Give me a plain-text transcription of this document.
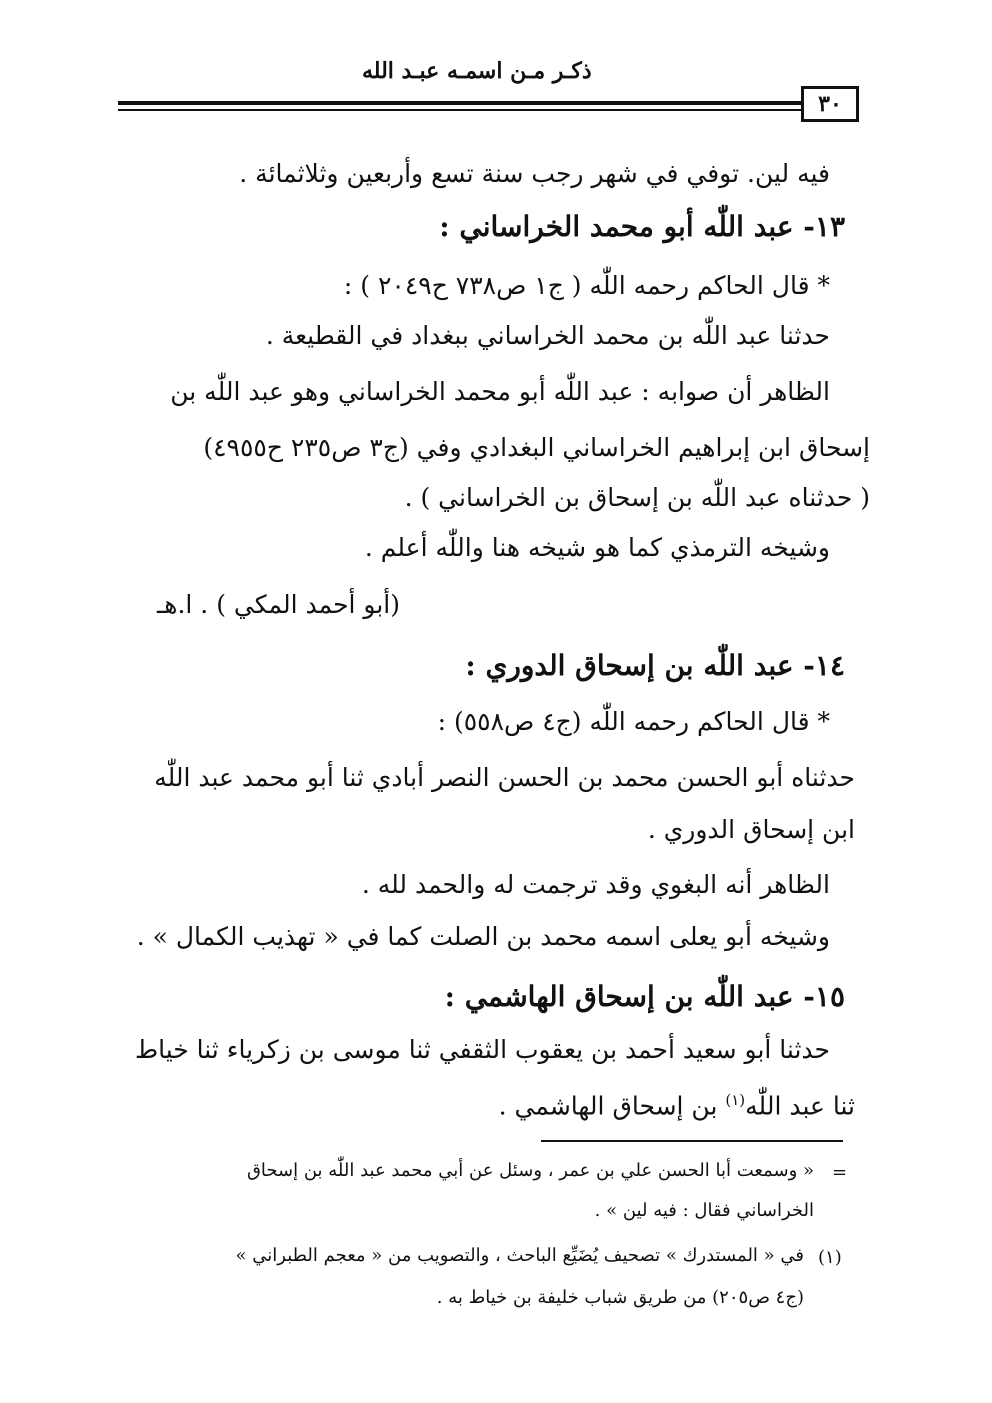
ذكـر مـن اسمـه عبـد الله
٣٠
فيه لين. توفي في شهر رجب سنة تسع وأربعين وثلاثمائة .
١٣- عبد اللّٰه أبو محمد الخراساني :
* قال الحاكم رحمه اللّٰه ( ج١ ص٧٣٨ ح٢٠٤٩ ) :
حدثنا عبد اللّٰه بن محمد الخراساني ببغداد في القطيعة .
الظاهر أن صوابه : عبد اللّٰه أبو محمد الخراساني وهو عبد اللّٰه بن
إسحاق ابن إبراهيم الخراساني البغدادي وفي (ج٣ ص٢٣٥ ح٤٩٥٥)
( حدثناه عبد اللّٰه بن إسحاق بن الخراساني ) .
وشيخه الترمذي كما هو شيخه هنا واللّٰه أعلم .
(أبو أحمد المكي ) . ا.هـ
١٤- عبد اللّٰه بن إسحاق الدوري :
* قال الحاكم رحمه اللّٰه (ج٤ ص٥٥٨) :
حدثناه أبو الحسن محمد بن الحسن النصر أبادي ثنا أبو محمد عبد اللّٰه
ابن إسحاق الدوري .
الظاهر أنه البغوي وقد ترجمت له والحمد لله .
وشيخه أبو يعلى اسمه محمد بن الصلت كما في « تهذيب الكمال » .
١٥- عبد اللّٰه بن إسحاق الهاشمي :
حدثنا أبو سعيد أحمد بن يعقوب الثقفي ثنا موسى بن زكرياء ثنا خياط
ثنا عبد اللّٰه$^{(١)}$ بن إسحاق الهاشمي .
=
« وسمعت أبا الحسن علي بن عمر ، وسئل عن أبي محمد عبد اللّٰه بن إسحاق
الخراساني فقال : فيه لين » .
(١)
في « المستدرك » تصحيف يُضَيِّع الباحث ، والتصويب من « معجم الطبراني »
(ج٤ ص٢٠٥) من طريق شباب خليفة بن خياط به .
